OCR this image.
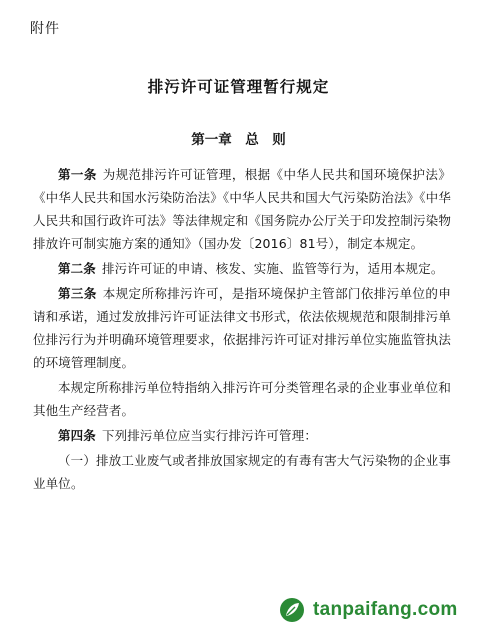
附件
排污许可证管理暂行规定
第一章　总　则

第一条 为规范排污许可证管理，根据《中华人民共和国环境保护法》《中华人民共和国水污染防治法》《中华人民共和国大气污染防治法》《中华人民共和国行政许可法》等法律规定和《国务院办公厅关于印发控制污染物排放许可制实施方案的通知》（国办发〔2016〕81号），制定本规定。

第二条 排污许可证的申请、核发、实施、监管等行为，适用本规定。

第三条 本规定所称排污许可，是指环境保护主管部门依排污单位的申请和承诺，通过发放排污许可证法律文书形式，依法依规规范和限制排污单位排污行为并明确环境管理要求，依据排污许可证对排污单位实施监管执法的环境管理制度。

本规定所称排污单位特指纳入排污许可分类管理名录的企业事业单位和其他生产经营者。

第四条 下列排污单位应当实行排污许可管理：

（一）排放工业废气或者排放国家规定的有毒有害大气污染物的企业事业单位。

tanpaifang.com
